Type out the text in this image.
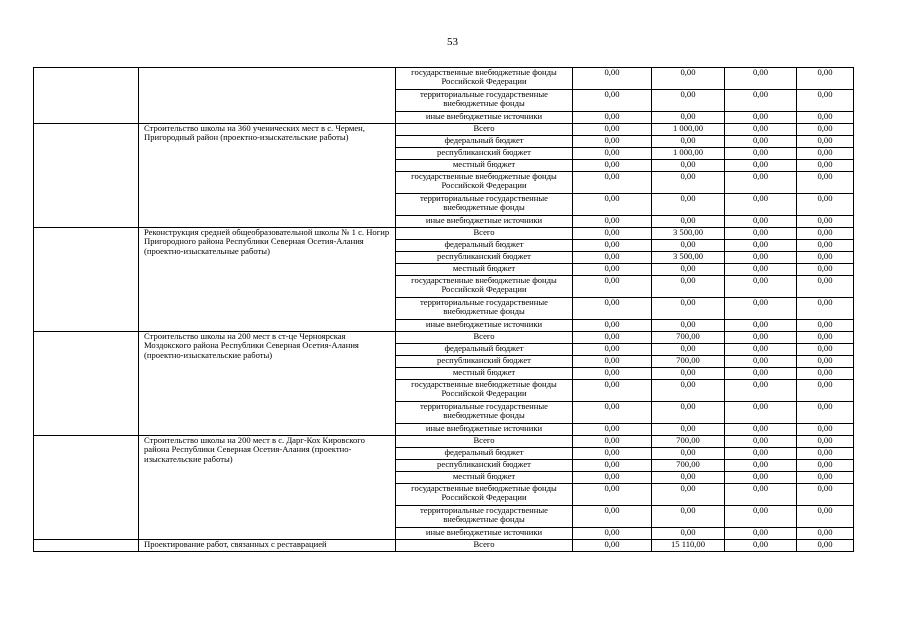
53
		государственные внебюджетные фонды Российской Федерации	0,00	0,00	0,00	0,00
		территориальные государственные внебюджетные фонды	0,00	0,00	0,00	0,00
		иные внебюджетные источники	0,00	0,00	0,00	0,00
	Строительство школы на 360 ученических мест в с. Чермен, Пригородный район (проектно-изыскательские работы)	Всего	0,00	1 000,00	0,00	0,00
		федеральный бюджет	0,00	0,00	0,00	0,00
		республиканский бюджет	0,00	1 000,00	0,00	0,00
		местный бюджет	0,00	0,00	0,00	0,00
		государственные внебюджетные фонды Российской Федерации	0,00	0,00	0,00	0,00
		территориальные государственные внебюджетные фонды	0,00	0,00	0,00	0,00
		иные внебюджетные источники	0,00	0,00	0,00	0,00
	Реконструкция средней общеобразовательной школы № 1 с. Ногир Пригородного района Республики Северная Осетия-Алания (проектно-изыскательные работы)	Всего	0,00	3 500,00	0,00	0,00
		федеральный бюджет	0,00	0,00	0,00	0,00
		республиканский бюджет	0,00	3 500,00	0,00	0,00
		местный бюджет	0,00	0,00	0,00	0,00
		государственные внебюджетные фонды Российской Федерации	0,00	0,00	0,00	0,00
		территориальные государственные внебюджетные фонды	0,00	0,00	0,00	0,00
		иные внебюджетные источники	0,00	0,00	0,00	0,00
	Строительство школы на 200 мест в ст-це Черноярская Моздокского района Республики Северная Осетия-Алания (проектно-изыскательские работы)	Всего	0,00	700,00	0,00	0,00
		федеральный бюджет	0,00	0,00	0,00	0,00
		республиканский бюджет	0,00	700,00	0,00	0,00
		местный бюджет	0,00	0,00	0,00	0,00
		государственные внебюджетные фонды Российской Федерации	0,00	0,00	0,00	0,00
		территориальные государственные внебюджетные фонды	0,00	0,00	0,00	0,00
		иные внебюджетные источники	0,00	0,00	0,00	0,00
	Строительство школы на 200 мест в с. Дарг-Кох Кировского района Республики Северная Осетия-Алания (проектно-изыскательские работы)	Всего	0,00	700,00	0,00	0,00
		федеральный бюджет	0,00	0,00	0,00	0,00
		республиканский бюджет	0,00	700,00	0,00	0,00
		местный бюджет	0,00	0,00	0,00	0,00
		государственные внебюджетные фонды Российской Федерации	0,00	0,00	0,00	0,00
		территориальные государственные внебюджетные фонды	0,00	0,00	0,00	0,00
		иные внебюджетные источники	0,00	0,00	0,00	0,00
	Проектирование работ, связанных с реставрацией	Всего	0,00	15 110,00	0,00	0,00
